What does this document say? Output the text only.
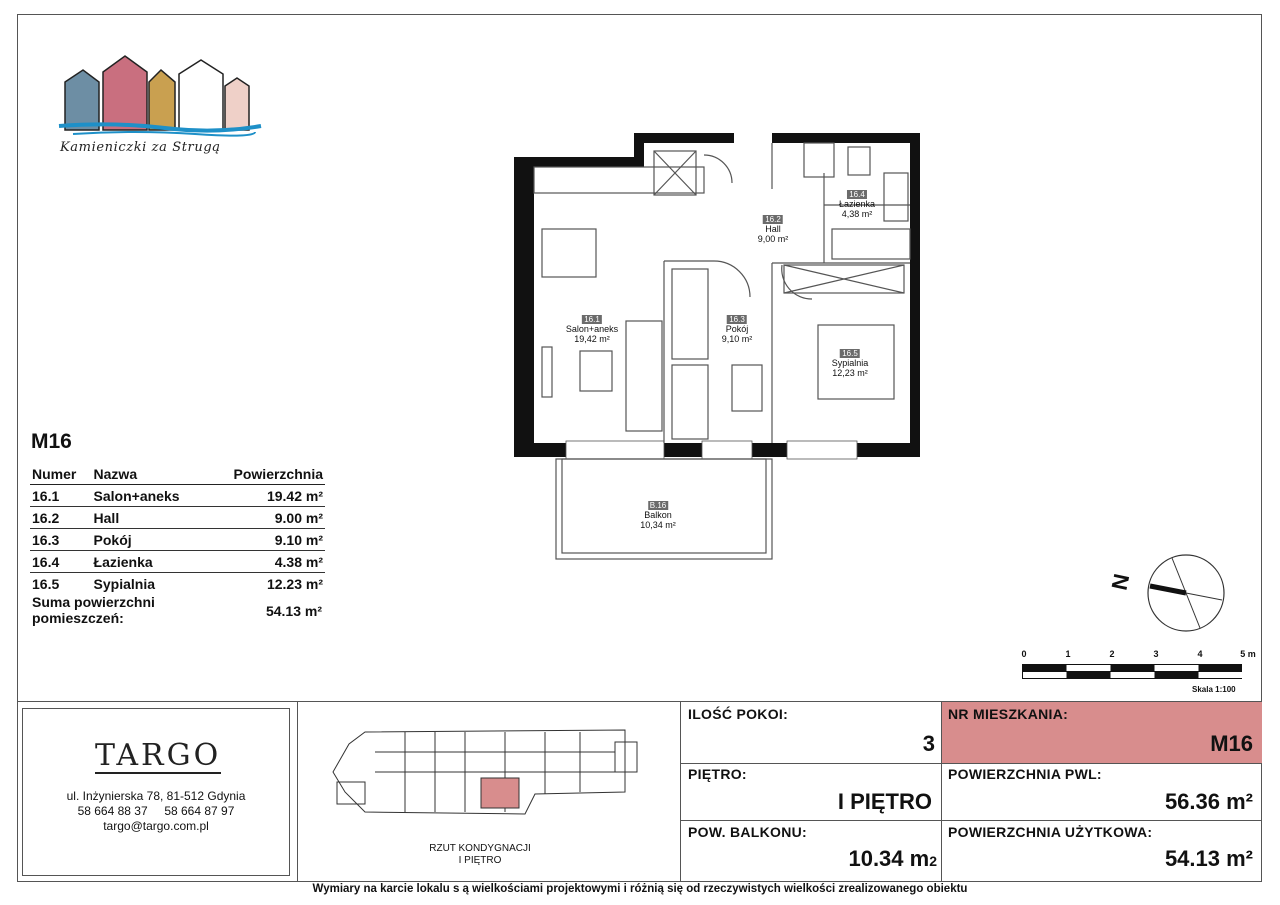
Kamieniczki za Strugą
16.1
Salon+aneks
19,42 m²
16.2
Hall
9,00 m²
16.3
Pokój
9,10 m²
16.4
Łazienka
4,38 m²
16.5
Sypialnia
12,23 m²
B.16
Balkon
10,34 m²
M16
Numer	Nazwa	Powierzchnia
16.1	Salon+aneks	19.42 m²
16.2	Hall	9.00 m²
16.3	Pokój	9.10 m²
16.4	Łazienka	4.38 m²
16.5	Sypialnia	12.23 m²
Suma powierzchni
pomieszczeń:	54.13 m²
N
0	1	2	3	4	5 m
Skala 1:100
TARGO
ul. Inżynierska 78, 81-512 Gdynia
58 664 88 37 58 664 87 97
targo@targo.com.pl
RZUT KONDYGNACJI
I PIĘTRO
ILOŚĆ POKOI:
3
PIĘTRO:
I PIĘTRO
POW. BALKONU:
10.34 m2
NR MIESZKANIA:
M16
POWIERZCHNIA PWL:
56.36 m²
POWIERZCHNIA UŻYTKOWA:
54.13 m²
Wymiary na karcie lokalu s ą wielkościami projektowymi i różnią się od rzeczywistych wielkości zrealizowanego obiektu
